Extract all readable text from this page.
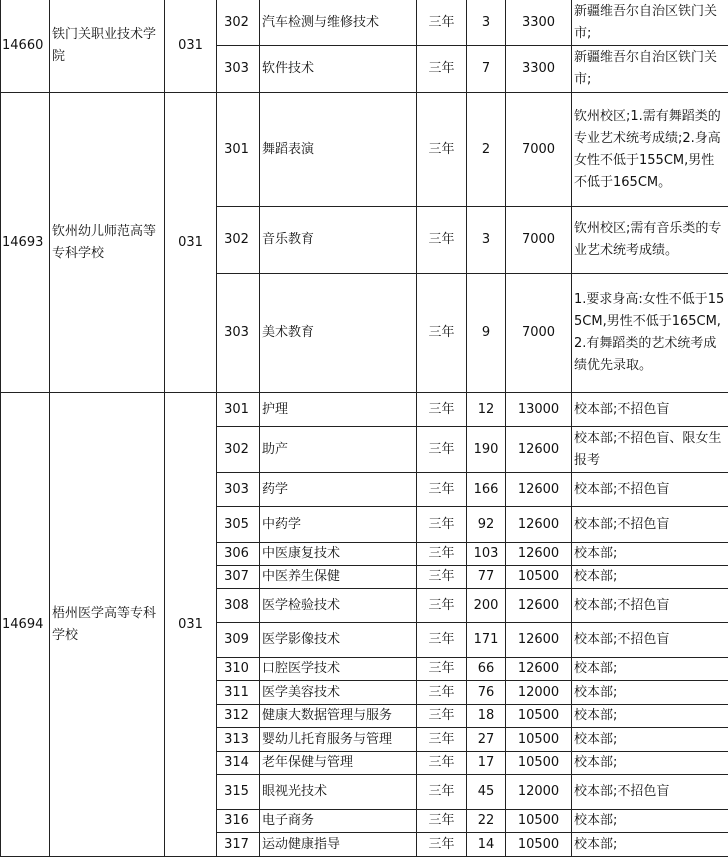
14660	铁门关职业技术学院	031	302	汽车检测与维修技术	三年	3	3300	新疆维吾尔自治区铁门关市;
			303	软件技术	三年	7	3300	新疆维吾尔自治区铁门关市;
14693	钦州幼儿师范高等专科学校	031	301	舞蹈表演	三年	2	7000	钦州校区;1.需有舞蹈类的专业艺术统考成绩;2.身高女性不低于155CM,男性不低于165CM。
			302	音乐教育	三年	3	7000	钦州校区;需有音乐类的专业艺术统考成绩。
			303	美术教育	三年	9	7000	1.要求身高:女性不低于155CM,男性不低于165CM,2.有舞蹈类的艺术统考成绩优先录取。
14694	梧州医学高等专科学校	031	301	护理	三年	12	13000	校本部;不招色盲
			302	助产	三年	190	12600	校本部;不招色盲、限女生报考
			303	药学	三年	166	12600	校本部;不招色盲
			305	中药学	三年	92	12600	校本部;不招色盲
			306	中医康复技术	三年	103	12600	校本部;
			307	中医养生保健	三年	77	10500	校本部;
			308	医学检验技术	三年	200	12600	校本部;不招色盲
			309	医学影像技术	三年	171	12600	校本部;不招色盲
			310	口腔医学技术	三年	66	12600	校本部;
			311	医学美容技术	三年	76	12000	校本部;
			312	健康大数据管理与服务	三年	18	10500	校本部;
			313	婴幼儿托育服务与管理	三年	27	10500	校本部;
			314	老年保健与管理	三年	17	10500	校本部;
			315	眼视光技术	三年	45	12000	校本部;不招色盲
			316	电子商务	三年	22	10500	校本部;
			317	运动健康指导	三年	14	10500	校本部;
